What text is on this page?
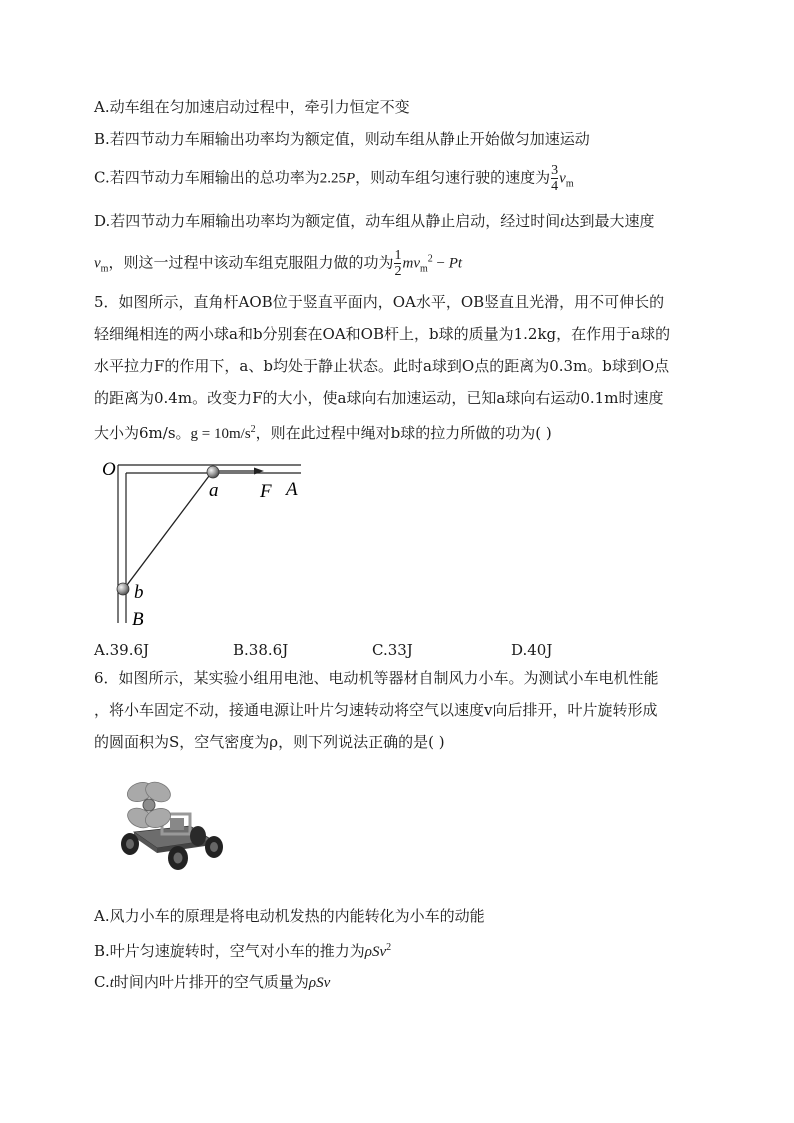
A.动车组在匀加速启动过程中，牵引力恒定不变
B.若四节动力车厢输出功率均为额定值，则动车组从静止开始做匀加速运动
C.若四节动力车厢输出的总功率为2.25P，则动车组匀速行驶的速度为 $\frac{3}{4} v_m$
D.若四节动力车厢输出功率均为额定值，动车组从静止启动，经过时间t达到最大速度
$v_m$，则这一过程中该动车组克服阻力做的功为 $\frac{1}{2} mv_m^2 - Pt$
5．如图所示，直角杆AOB位于竖直平面内，OA水平，OB竖直且光滑，用不可伸长的
轻细绳相连的两小球a和b分别套在OA和OB杆上，b球的质量为1.2kg，在作用于a球的
水平拉力F的作用下，a、b均处于静止状态。此时a球到O点的距离为0.3m。b球到O点
的距离为0.4m。改变力F的大小，使a球向右加速运动，已知a球向右运动0.1m时速度
大小为6m/s。$g = 10m/s^2$，则在此过程中绳对b球的拉力所做的功为( )
O
a F A
b
B
A.39.6J	B.38.6J	C.33J	D.40J
6．如图所示，某实验小组用电池、电动机等器材自制风力小车。为测试小车电机性能
，将小车固定不动，接通电源让叶片匀速转动将空气以速度v向后排开，叶片旋转形成
的圆面积为S，空气密度为ρ，则下列说法正确的是( )
A.风力小车的原理是将电动机发热的内能转化为小车的动能
B.叶片匀速旋转时，空气对小车的推力为ρSv$^2$
C.t时间内叶片排开的空气质量为ρSv
